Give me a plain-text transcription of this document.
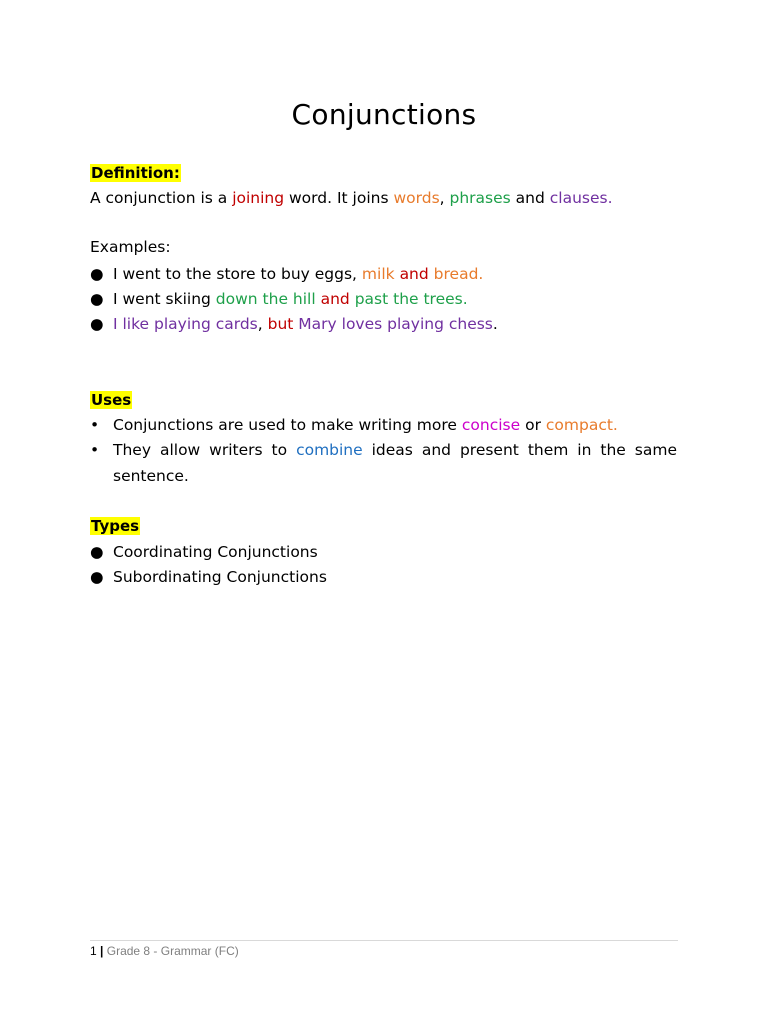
Conjunctions
Definition:
A conjunction is a joining word. It joins words, phrases and clauses.
Examples:
● I went to the store to buy eggs, milk and bread.
● I went skiing down the hill and past the trees.
● I like playing cards, but Mary loves playing chess.
Uses
• Conjunctions are used to make writing more concise or compact.
• They allow writers to combine ideas and present them in the same
sentence.
Types
● Coordinating Conjunctions
● Subordinating Conjunctions
1 | Grade 8 - Grammar (FC)
